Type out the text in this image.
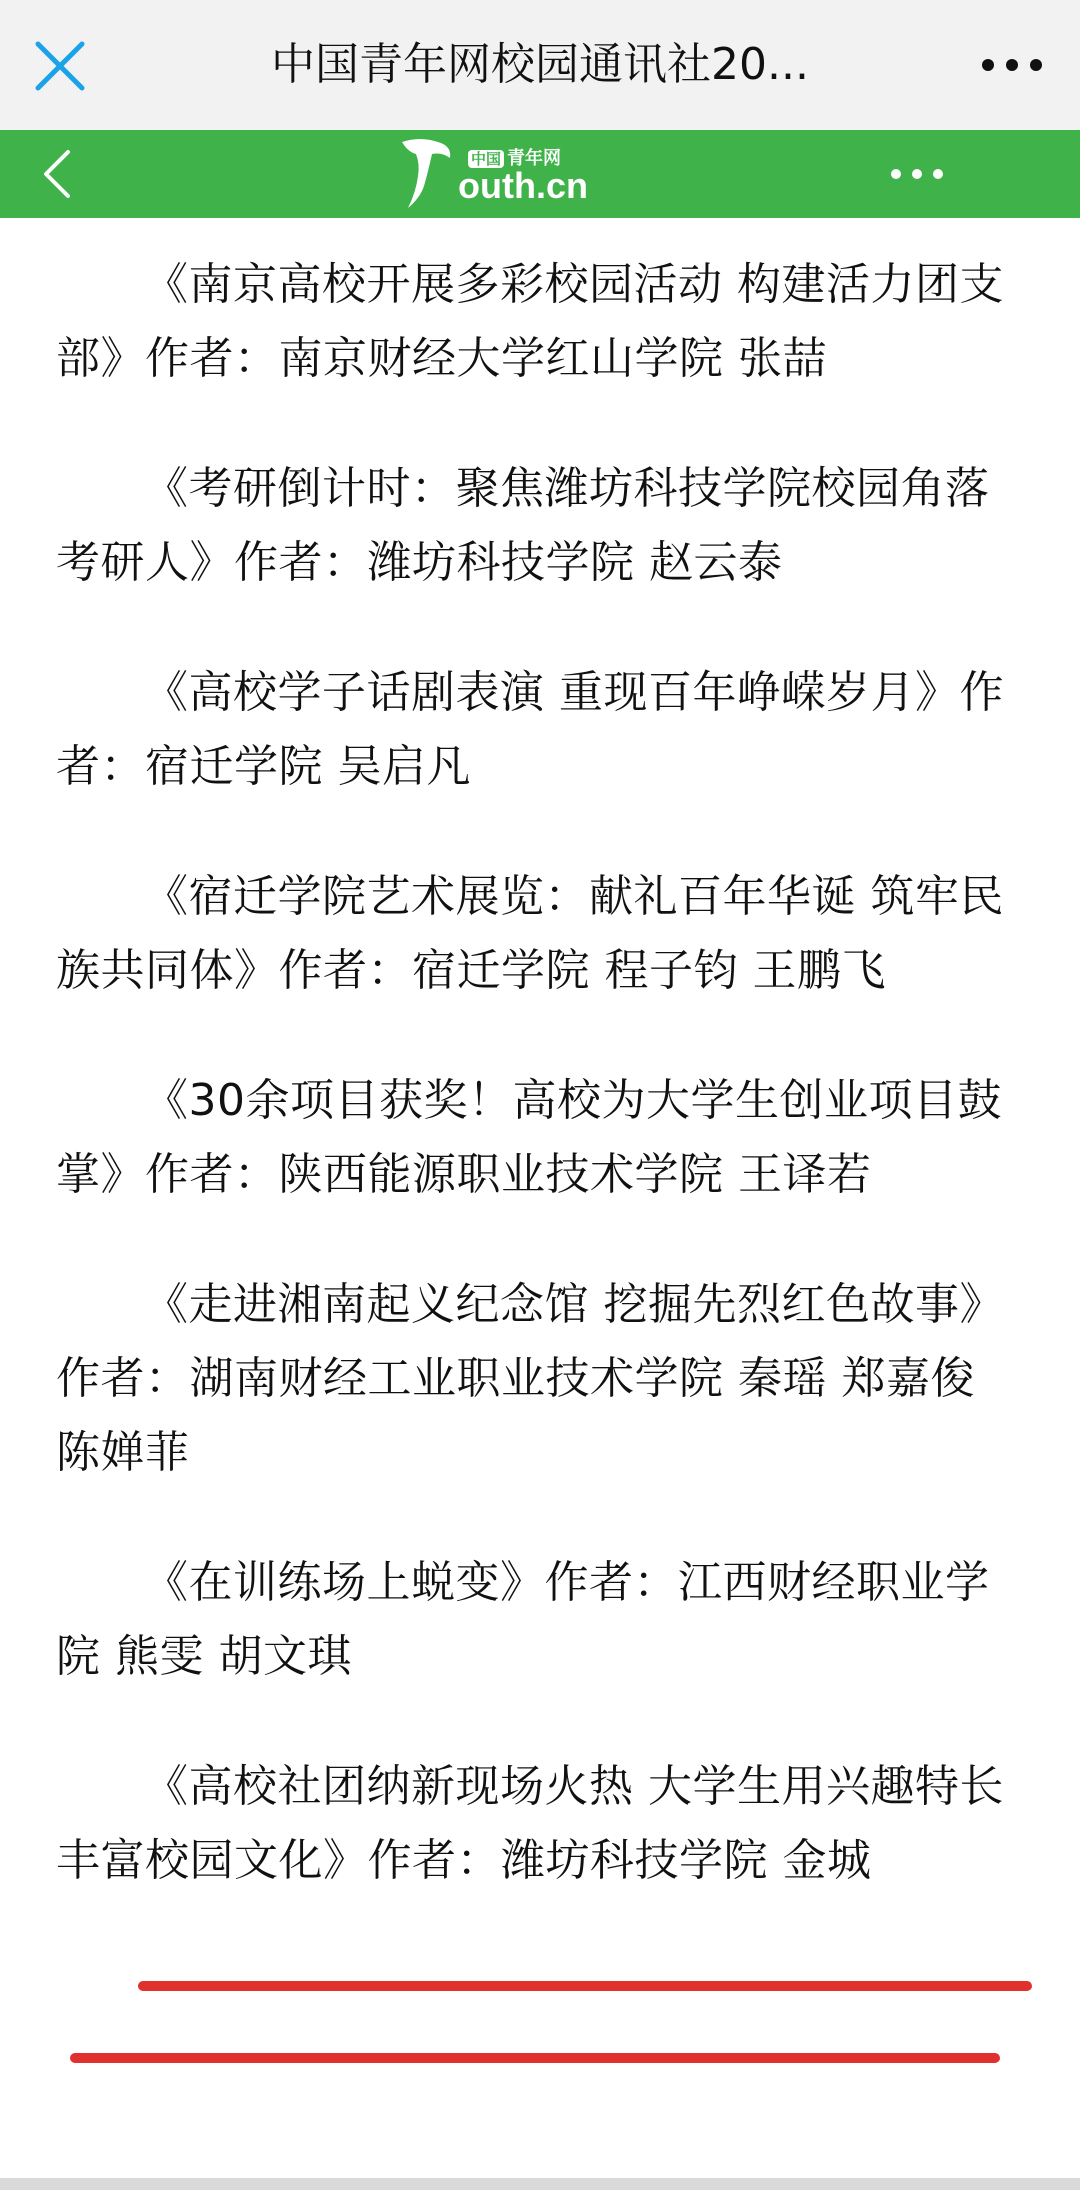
中国青年网校园通讯社20...
中国 青年网
outh.cn

《南京高校开展多彩校园活动 构建活力团支部》作者：南京财经大学红山学院 张喆

《考研倒计时：聚焦潍坊科技学院校园角落考研人》作者：潍坊科技学院 赵云泰

《高校学子话剧表演 重现百年峥嵘岁月》作者：宿迁学院 吴启凡

《宿迁学院艺术展览：献礼百年华诞 筑牢民族共同体》作者：宿迁学院 程子钧 王鹏飞

《30余项目获奖！高校为大学生创业项目鼓掌》作者：陕西能源职业技术学院 王译若

《走进湘南起义纪念馆 挖掘先烈红色故事》作者：湖南财经工业职业技术学院 秦瑶 郑嘉俊 陈婵菲

《在训练场上蜕变》作者：江西财经职业学院 熊雯 胡文琪

《高校社团纳新现场火热 大学生用兴趣特长丰富校园文化》作者：潍坊科技学院 金城
